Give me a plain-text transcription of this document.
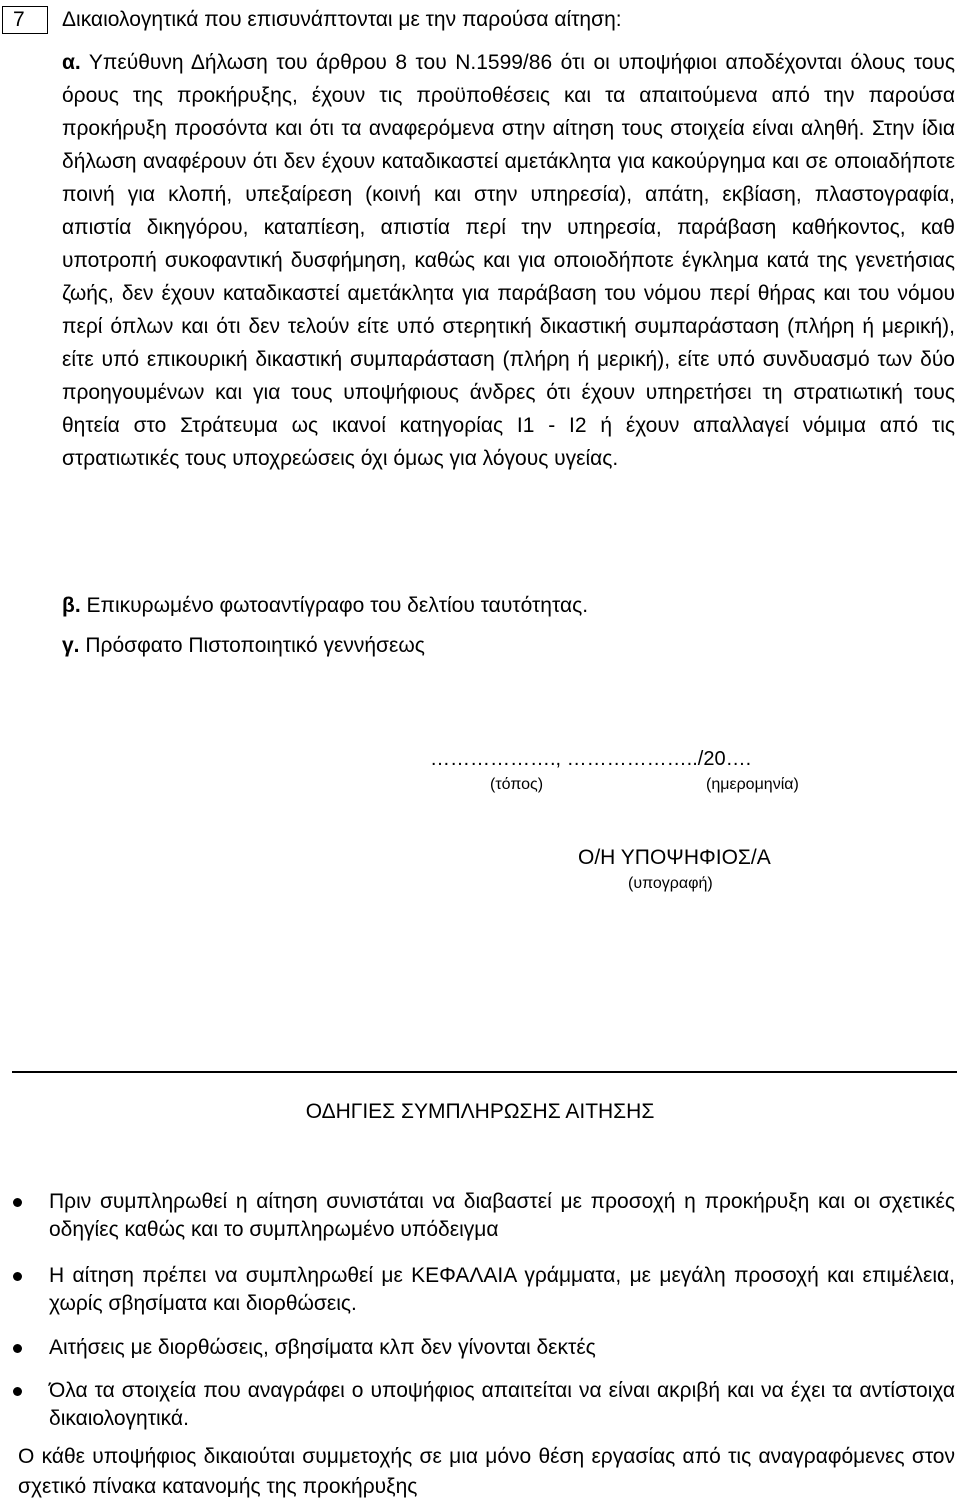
7	Δικαιολογητικά που επισυνάπτονται με την παρούσα αίτηση:
α. Υπεύθυνη Δήλωση του άρθρου 8 του Ν.1599/86 ότι οι υποψήφιοι αποδέχονται όλους τους όρους της προκήρυξης, έχουν τις προϋποθέσεις και τα απαιτούμενα από την παρούσα προκήρυξη προσόντα και ότι τα αναφερόμενα στην αίτηση τους στοιχεία είναι αληθή. Στην ίδια δήλωση αναφέρουν ότι δεν έχουν καταδικαστεί αμετάκλητα για κακούργημα και σε οποιαδήποτε ποινή για κλοπή, υπεξαίρεση (κοινή και στην υπηρεσία), απάτη, εκβίαση, πλαστογραφία, απιστία δικηγόρου, καταπίεση, απιστία περί την υπηρεσία, παράβαση καθήκοντος, καθ υποτροπή συκοφαντική δυσφήμηση, καθώς και για οποιοδήποτε έγκλημα κατά της γενετήσιας ζωής, δεν έχουν καταδικαστεί αμετάκλητα για παράβαση του νόμου περί θήρας και του νόμου περί όπλων και ότι δεν τελούν είτε υπό στερητική δικαστική συμπαράσταση (πλήρη ή μερική), είτε υπό επικουρική δικαστική συμπαράσταση (πλήρη ή μερική), είτε υπό συνδυασμό των δύο προηγουμένων και για τους υποψήφιους άνδρες ότι έχουν υπηρετήσει τη στρατιωτική τους θητεία στο Στράτευμα ως ικανοί κατηγορίας Ι1 - Ι2 ή έχουν απαλλαγεί νόμιμα από τις στρατιωτικές τους υποχρεώσεις όχι όμως για λόγους υγείας.
β. Επικυρωμένο φωτοαντίγραφο του δελτίου ταυτότητας.
γ. Πρόσφατο Πιστοποιητικό γεννήσεως
………………., ………………../20….
(τόπος)	(ημερομηνία)
Ο/Η ΥΠΟΨΗΦΙΟΣ/Α
(υπογραφή)
ΟΔΗΓΙΕΣ ΣΥΜΠΛΗΡΩΣΗΣ ΑΙΤΗΣΗΣ
Πριν συμπληρωθεί η αίτηση συνιστάται να διαβαστεί με προσοχή η προκήρυξη και οι σχετικές οδηγίες καθώς και το συμπληρωμένο υπόδειγμα
Η αίτηση πρέπει να συμπληρωθεί με ΚΕΦΑΛΑΙΑ γράμματα, με μεγάλη προσοχή και επιμέλεια, χωρίς σβησίματα και διορθώσεις.
Αιτήσεις με διορθώσεις, σβησίματα κλπ δεν γίνονται δεκτές
Όλα τα στοιχεία που αναγράφει ο υποψήφιος απαιτείται να είναι ακριβή και να έχει τα αντίστοιχα δικαιολογητικά.
Ο κάθε υποψήφιος δικαιούται συμμετοχής σε μια μόνο θέση εργασίας από τις αναγραφόμενες στον σχετικό πίνακα κατανομής της προκήρυξης
